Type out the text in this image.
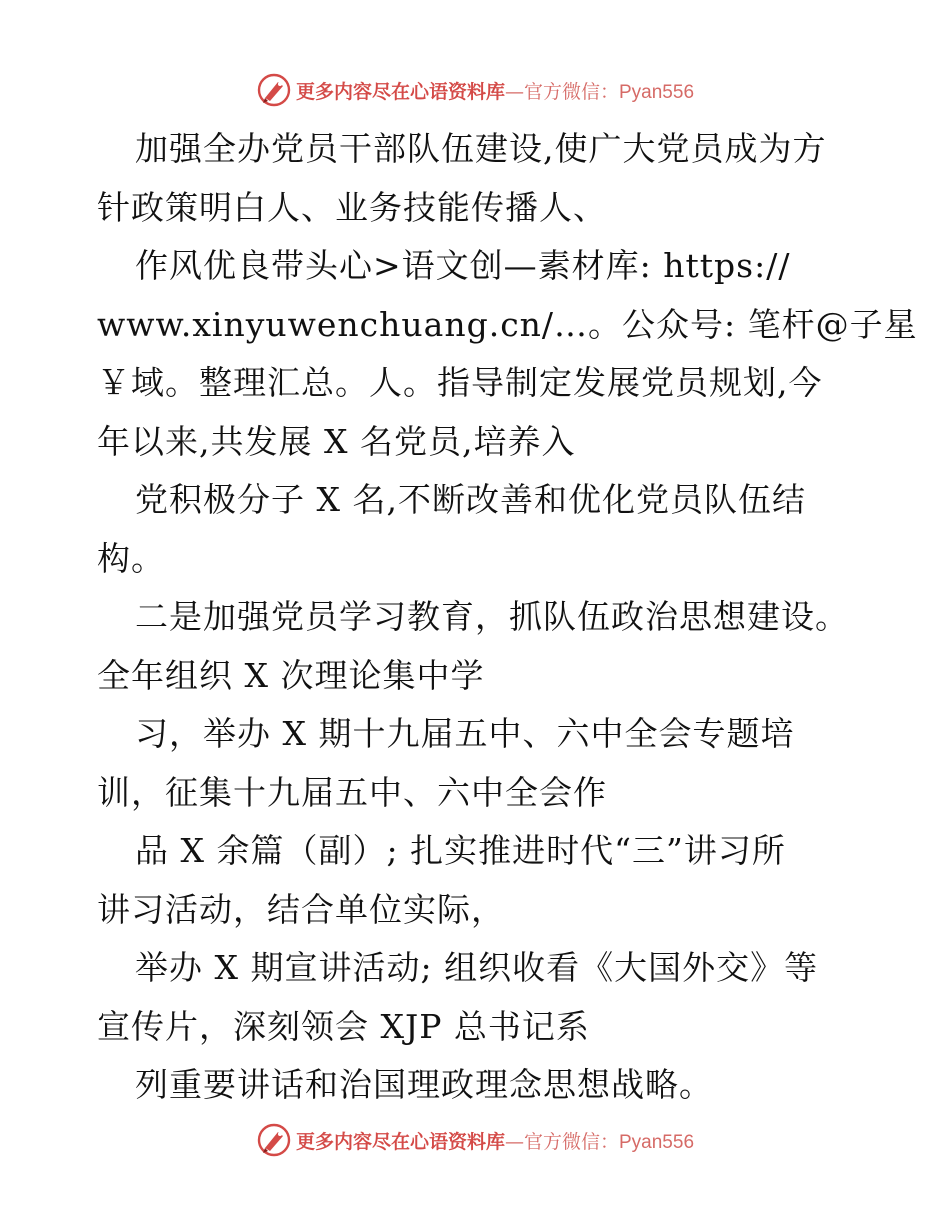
更多内容尽在心语资料库—官方微信：Pyan556
加强全办党员干部队伍建设,使广大党员成为方
针政策明白人、业务技能传播人、
作风优良带头心>语文创—素材库: https://
www.xinyuwenchuang.cn/…。公众号: 笔杆@子星
￥域。整理汇总。人。指导制定发展党员规划,今
年以来,共发展 X 名党员,培养入
党积极分子 X 名,不断改善和优化党员队伍结
构。
二是加强党员学习教育，抓队伍政治思想建设。
全年组织 X 次理论集中学
习，举办 X 期十九届五中、六中全会专题培
训，征集十九届五中、六中全会作
品 X 余篇（副）; 扎实推进时代“三”讲习所
讲习活动，结合单位实际，
举办 X 期宣讲活动; 组织收看《大国外交》等
宣传片，深刻领会 XJP 总书记系
列重要讲话和治国理政理念思想战略。
更多内容尽在心语资料库—官方微信：Pyan556
